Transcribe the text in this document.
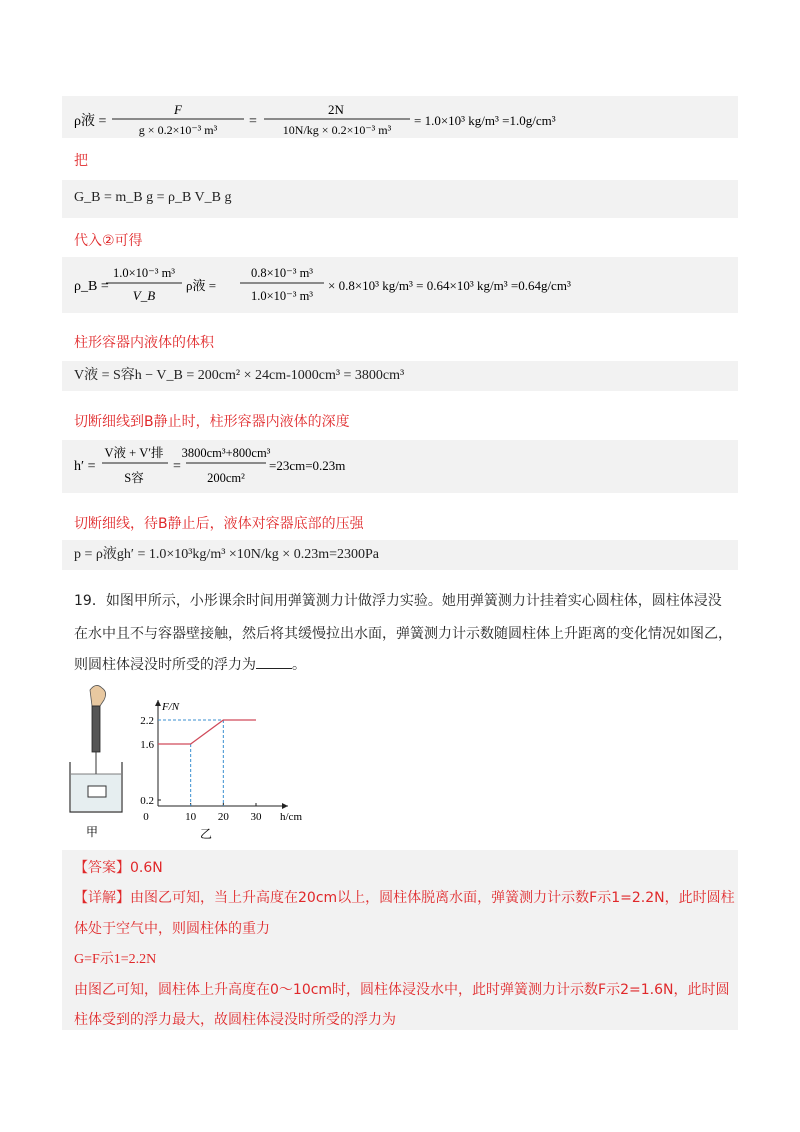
ρ液 =
F
g × 0.2×10⁻³ m³
=
2N
10N/kg × 0.2×10⁻³ m³
= 1.0×10³ kg/m³ =1.0g/cm³
把
G_B = m_B g = ρ_B V_B g
代入②可得
ρ_B =
1.0×10⁻³ m³
V_B
ρ液 =
0.8×10⁻³ m³
1.0×10⁻³ m³
× 0.8×10³ kg/m³ = 0.64×10³ kg/m³ =0.64g/cm³
柱形容器内液体的体积
V液 = S容h − V_B = 200cm² × 24cm-1000cm³ = 3800cm³
切断细线到B静止时，柱形容器内液体的深度
h′ =
V液 + V′排
S容
=
3800cm³+800cm³
200cm²
=23cm=0.23m
切断细线，待B静止后，液体对容器底部的压强
p = ρ液gh′ = 1.0×10³kg/m³ ×10N/kg × 0.23m=2300Pa
19．如图甲所示，小彤课余时间用弹簧测力计做浮力实验。她用弹簧测力计挂着实心圆柱体，圆柱体浸没
在水中且不与容器壁接触，然后将其缓慢拉出水面，弹簧测力计示数随圆柱体上升距离的变化情况如图乙，
则圆柱体浸没时所受的浮力为	。
甲	乙
F/N
h/cm
0	10 20 30
0.2
1.6
2.2
【答案】0.6N
【详解】由图乙可知，当上升高度在20cm以上，圆柱体脱离水面，弹簧测力计示数F示1=2.2N，此时圆柱
体处于空气中，则圆柱体的重力
G=F示1=2.2N
由图乙可知，圆柱体上升高度在0～10cm时，圆柱体浸没水中，此时弹簧测力计示数F示2=1.6N，此时圆
柱体受到的浮力最大，故圆柱体浸没时所受的浮力为
